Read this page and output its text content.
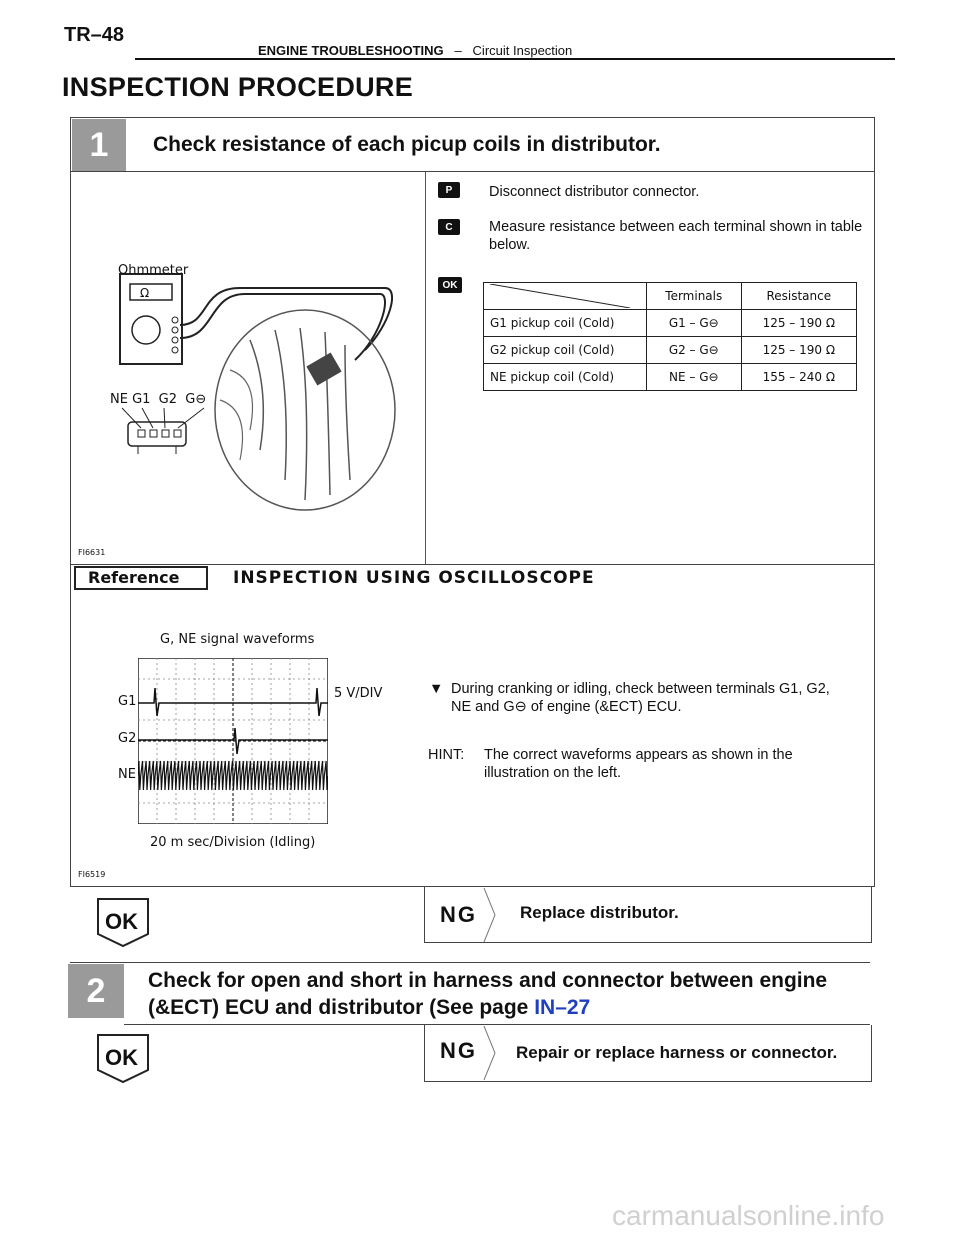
TR–48
ENGINE TROUBLESHOOTING – Circuit Inspection
INSPECTION PROCEDURE
1	Check resistance of each picup coils in distributor.
Ohmmeter
Ω
NE G1  G2  G⊖
FI6631
P	Disconnect distributor connector.
C	Measure resistance between each terminal shown in table below.
OK
	Terminals	Resistance
G1 pickup coil (Cold)	G1 – G⊖	125 – 190 Ω
G2 pickup coil (Cold)	G2 – G⊖	125 – 190 Ω
NE pickup coil (Cold)	NE – G⊖	155 – 240 Ω
Reference	INSPECTION USING OSCILLOSCOPE
G, NE signal waveforms
G1
G2
NE
5 V/DIV
20 m sec/Division (Idling)
FI6519
▼ During cranking or idling, check between terminals G1, G2, NE and G⊖ of engine (&ECT) ECU.
HINT: The correct waveforms appears as shown in the illustration on the left.
OK	NG	Replace distributor.
2	Check for open and short in harness and connector between engine
(&ECT) ECU and distributor (See page IN–27
OK	NG Repair or replace harness or connector.
carmanualsonline.info
